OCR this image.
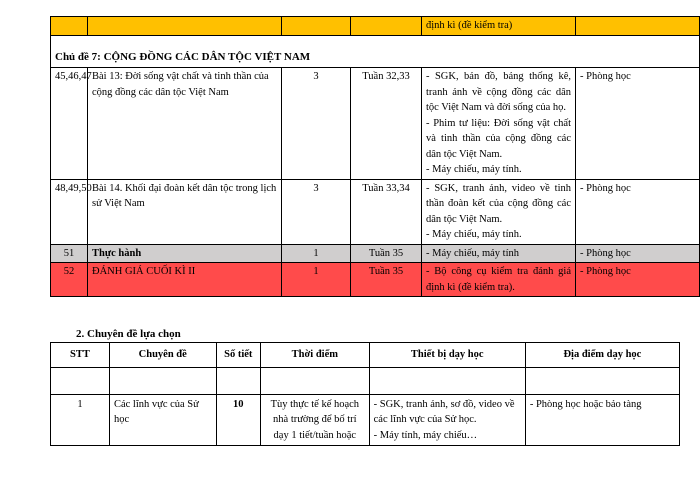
				định kì (đề kiểm tra)	
Chủ đề 7: CỘNG ĐỒNG CÁC DÂN TỘC VIỆT NAM					
45,46,47	Bài 13: Đời sống vật chất và tinh thần của cộng đồng các dân tộc Việt Nam	3	Tuần 32,33	- SGK, bản đồ, bảng thống kê, tranh ảnh về cộng đồng các dân tộc Việt Nam và đời sống của họ.
- Phim tư liệu: Đời sống vật chất và tinh thần của cộng đồng các dân tộc Việt Nam.
- Máy chiếu, máy tính.	- Phòng học
48,49,50	Bài 14. Khối đại đoàn kết dân tộc trong lịch sử Việt Nam	3	Tuần 33,34	- SGK, tranh ảnh, video về tinh thần đoàn kết của cộng đồng các dân tộc Việt Nam.
- Máy chiếu, máy tính.	- Phòng học
51	Thực hành	1	Tuần 35	- Máy chiếu, máy tính	- Phòng học
52	ĐÁNH GIÁ CUỐI KÌ II	1	Tuần 35	- Bộ công cụ kiểm tra đánh giá định kì (đề kiểm tra).	- Phòng học
2. Chuyên đề lựa chọn
STT	Chuyên đề	Số tiết	Thời điểm	Thiết bị dạy học	Địa điểm dạy học

1	Các lĩnh vực của Sử học	10	Tùy thực tế kế hoạch nhà trường để bố trí dạy 1 tiết/tuần hoặc	- SGK, tranh ảnh, sơ đồ, video về các lĩnh vực của Sử học.
- Máy tính, máy chiếu…	- Phòng học hoặc bảo tàng
